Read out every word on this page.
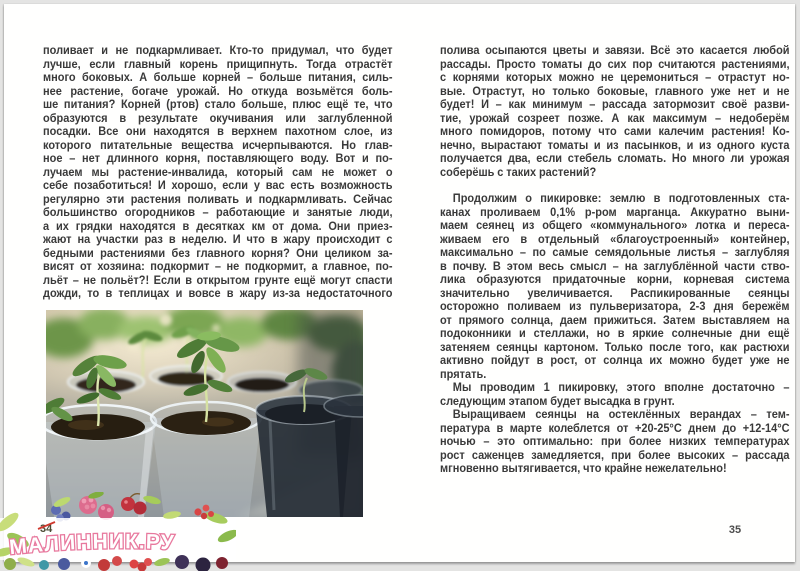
поливает и не подкармливает. Кто-то придумал, что будет
лучше, если главный корень прищипнуть. Тогда отрастёт
много боковых. А больше корней – больше питания, силь-
нее растение, богаче урожай. Но откуда возьмётся боль-
ше питания? Корней (ртов) стало больше, плюс ещё те, что
образуются в результате окучивания или заглубленной
посадки. Все они находятся в верхнем пахотном слое, из
которого питательные вещества исчерпываются. Но глав-
ное – нет длинного корня, поставляющего воду. Вот и по-
лучаем мы растение-инвалида, который сам не может о
себе позаботиться! И хорошо, если у вас есть возможность
регулярно эти растения поливать и подкармливать. Сейчас
большинство огородников – работающие и занятые люди,
а их грядки находятся в десятках км от дома. Они приез-
жают на участки раз в неделю. И что в жару происходит с
бедными растениями без главного корня? Они целиком за-
висят от хозяина: подкормит – не подкормит, а главное, по-
льёт – не польёт?! Если в открытом грунте ещё могут спасти
дожди, то в теплицах и вовсе в жару из-за недостаточного
полива осыпаются цветы и завязи. Всё это касается любой
рассады. Просто томаты до сих пор считаются растениями,
с корнями которых можно не церемониться – отрастут но-
вые. Отрастут, но только боковые, главного уже нет и не
будет! И – как минимум – рассада затормозит своё разви-
тие, урожай созреет позже. А как максимум – недоберём
много помидоров, потому что сами калечим растения! Ко-
нечно, вырастают томаты и из пасынков, и из одного куста
получается два, если стебель сломать. Но много ли урожая
соберёшь с таких растений?
Продолжим о пикировке: землю в подготовленных ста-
канах проливаем 0,1% р-ром марганца. Аккуратно выни-
маем сеянец из общего «коммунального» лотка и переса-
живаем его в отдельный «благоустроенный» контейнер,
максимально – по самые семядольные листья – заглубляя
в почву. В этом весь смысл – на заглублённой части ство-
лика образуются придаточные корни, корневая система
значительно увеличивается. Распикированные сеянцы
осторожно поливаем из пульверизатора, 2-3 дня бережём
от прямого солнца, даем прижиться. Затем выставляем на
подоконники и стеллажи, но в яркие солнечные дни ещё
затеняем сеянцы картоном. Только после того, как растюхи
активно пойдут в рост, от солнца их можно будет уже не
прятать.
Мы проводим 1 пикировку, этого вполне достаточно –
следующим этапом будет высадка в грунт.
Выращиваем сеянцы на остеклённых верандах – тем-
пература в марте колеблется от +20-25°С днем до +12-14°С
ночью – это оптимально: при более низких температурах
рост саженцев замедляется, при более высоких – рассада
мгновенно вытягивается, что крайне нежелательно!
35
34
МАЛИННИК.РУ
